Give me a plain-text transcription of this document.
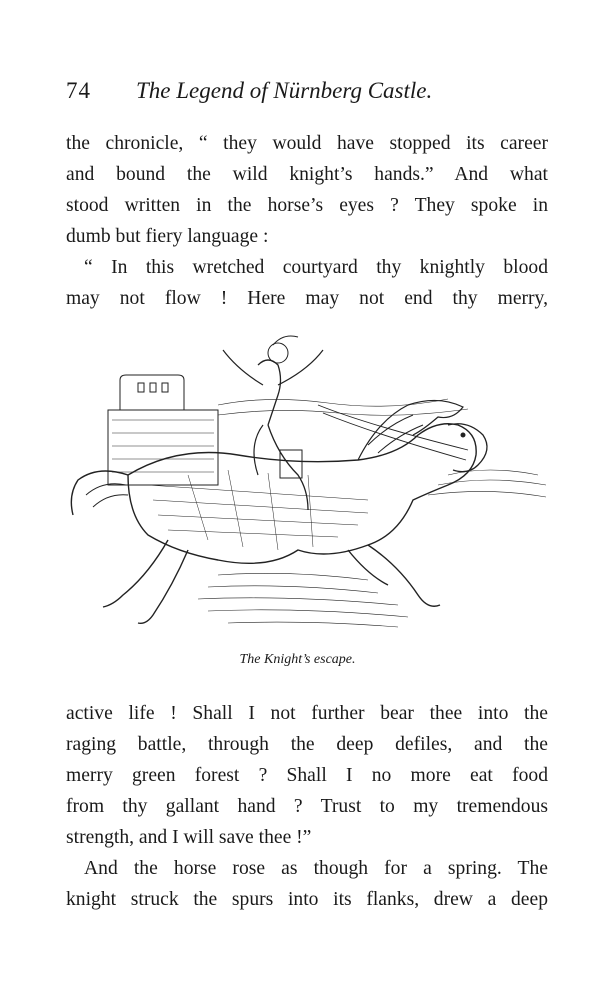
74 The Legend of Nürnberg Castle.
the chronicle, “ they would have stopped its career
and bound the wild knight’s hands.” And what
stood written in the horse’s eyes ? They spoke in
dumb but fiery language :
“ In this wretched courtyard thy knightly blood
may not flow ! Here may not end thy merry,
The Knight’s escape.
active life ! Shall I not further bear thee into the
raging battle, through the deep defiles, and the
merry green forest ? Shall I no more eat food
from thy gallant hand ? Trust to my tremendous
strength, and I will save thee !”
And the horse rose as though for a spring. The
knight struck the spurs into its flanks, drew a deep
